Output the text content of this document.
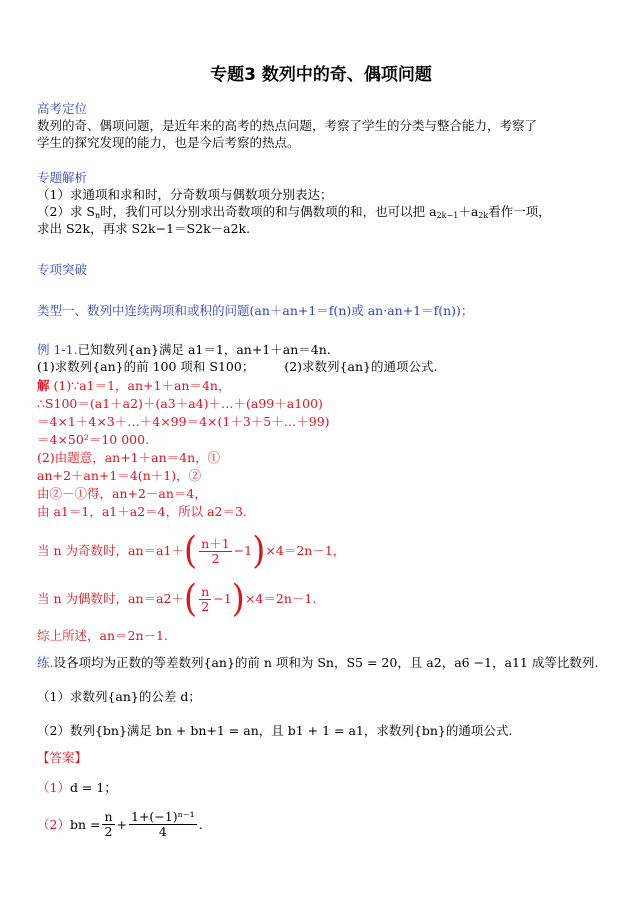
专题3 数列中的奇、偶项问题
高考定位
数列的奇、偶项问题，是近年来的高考的热点问题，考察了学生的分类与整合能力，考察了
学生的探究发现的能力，也是今后考察的热点。
专题解析
（1）求通项和求和时，分奇数项与偶数项分别表达；
（2）求 $S_n$时，我们可以分别求出奇数项的和与偶数项的和，也可以把 $a_{2k-1}+a_{2k}$看作一项，
求出 S2k，再求 S2k−1＝S2k－a2k.
专项突破
类型一、数列中连续两项和或积的问题(an＋an+1＝f(n)或 an·an+1＝f(n))；
例 1-1.已知数列{an}满足 a1＝1，an+1＋an＝4n.
(1)求数列{an}的前 100 项和 S100； (2)求数列{an}的通项公式.
解 (1)∵a1＝1，an+1＋an＝4n，
∴S100＝(a1＋a2)＋(a3＋a4)＋…＋(a99＋a100)
＝4×1＋4×3＋…＋4×99＝4×(1＋3＋5＋…＋99)
＝4×50²＝10 000.
(2)由题意，an+1＋an＝4n，①
an+2＋an+1＝4(n＋1)，②
由②－①得，an+2－an＝4，
由 a1＝1，a1＋a2＝4，所以 a2＝3.
当 n 为奇数时，an＝a1＋ ( $\frac{n+1}{2} -1$ ) ×4＝2n－1，
当 n 为偶数时，an＝a2＋ ( $\frac{n}{2} -1$ ) ×4＝2n－1.
综上所述，an＝2n－1.
练.设各项均为正数的等差数列{an}的前 n 项和为 Sn，S5 = 20，且 a2，a6 −1，a11 成等比数列.
（1）求数列{an}的公差 d；
（2）数列{bn}满足 bn + bn+1 = an，且 b1 + 1 = a1，求数列{bn}的通项公式.
【答案】
（1）d = 1；
（2） bn = $\frac{n}{2} + \frac{\text{1+(−1)ⁿ⁻¹}}{4}$ .
